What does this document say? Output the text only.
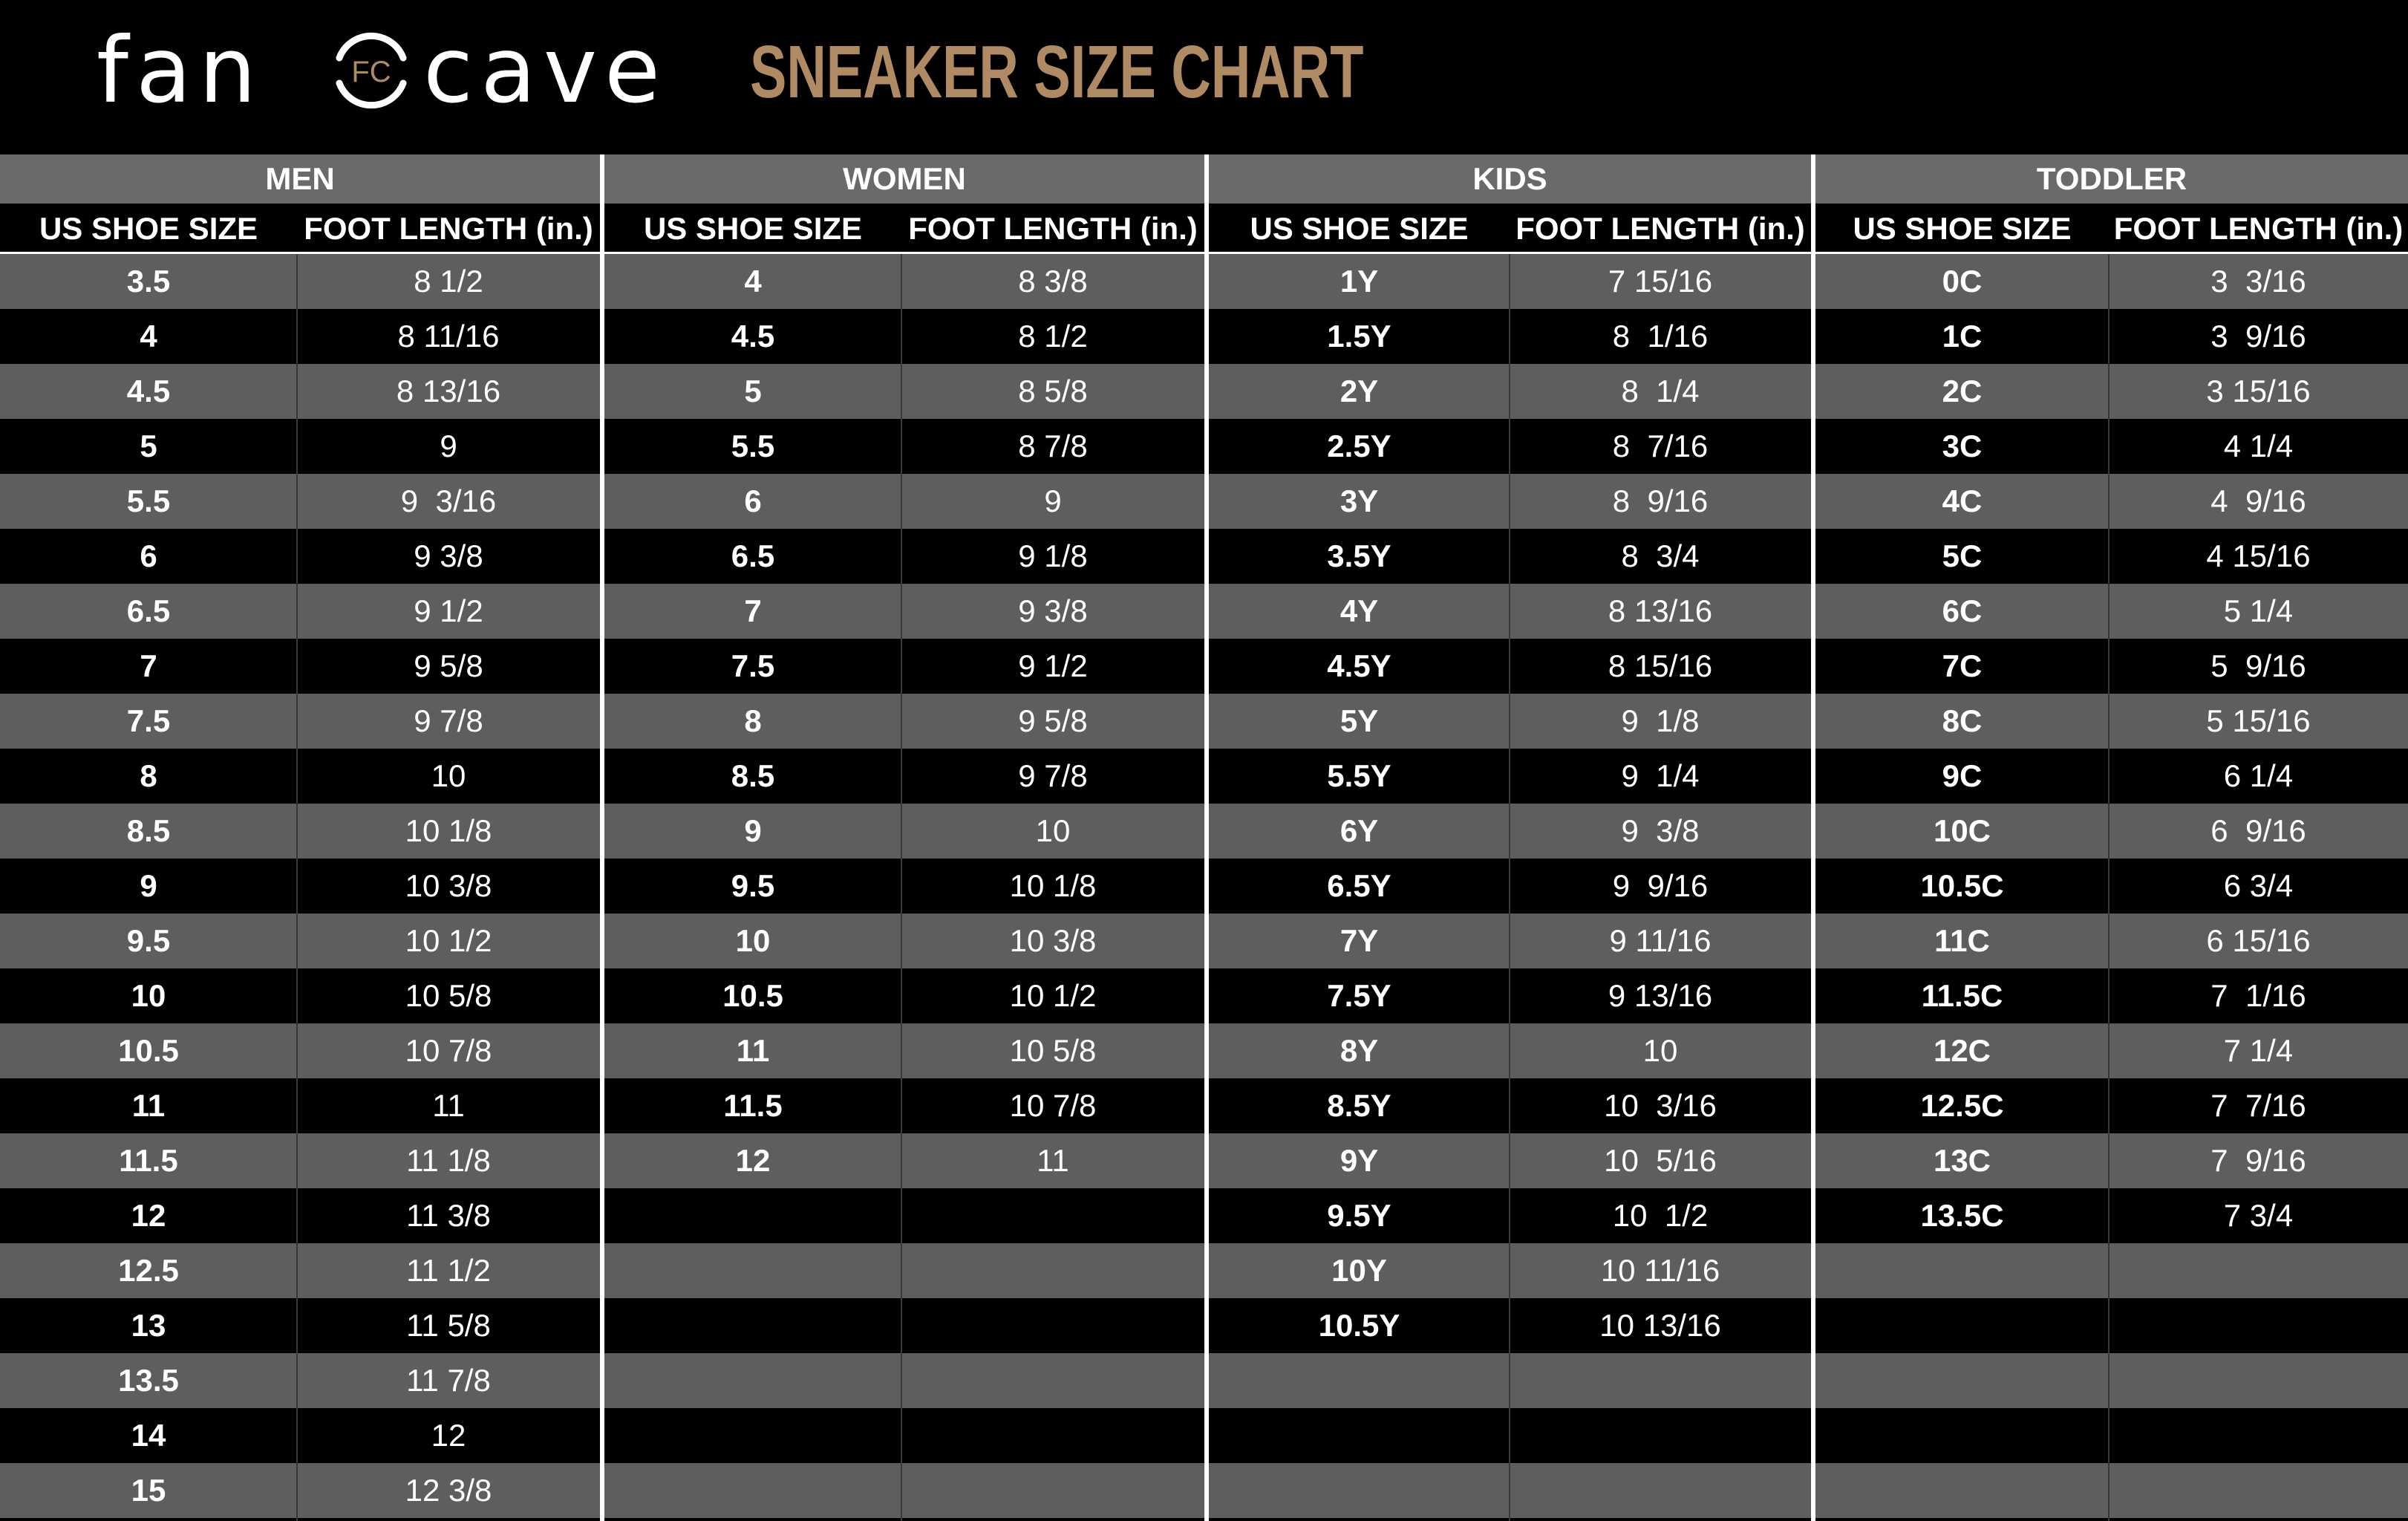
fan	FC cave SNEAKER SIZE CHART
MEN
US SHOE SIZE	FOOT LENGTH (in.)
3.5	8 1/2
4	8 11/16
4.5	8 13/16
5	9
5.5	9  3/16
6	9 3/8
6.5	9 1/2
7	9 5/8
7.5	9 7/8
8	10
8.5	10 1/8
9	10 3/8
9.5	10 1/2
10	10 5/8
10.5	10 7/8
11	11
11.5	11 1/8
12	11 3/8
12.5	11 1/2
13	11 5/8
13.5	11 7/8
14	12
15	12 3/8
WOMEN
US SHOE SIZE	FOOT LENGTH (in.)
4	8 3/8
4.5	8 1/2
5	8 5/8
5.5	8 7/8
6	9
6.5	9 1/8
7	9 3/8
7.5	9 1/2
8	9 5/8
8.5	9 7/8
9	10
9.5	10 1/8
10	10 3/8
10.5	10 1/2
11	10 5/8
11.5	10 7/8
12	11
KIDS
US SHOE SIZE	FOOT LENGTH (in.)
1Y	7 15/16
1.5Y	8  1/16
2Y	8  1/4
2.5Y	8  7/16
3Y	8  9/16
3.5Y	8  3/4
4Y	8 13/16
4.5Y	8 15/16
5Y	9  1/8
5.5Y	9  1/4
6Y	9  3/8
6.5Y	9  9/16
7Y	9 11/16
7.5Y	9 13/16
8Y	10
8.5Y	10  3/16
9Y	10  5/16
9.5Y	10  1/2
10Y	10 11/16
10.5Y	10 13/16
TODDLER
US SHOE SIZE	FOOT LENGTH (in.)
0C	3  3/16
1C	3  9/16
2C	3 15/16
3C	4 1/4
4C	4  9/16
5C	4 15/16
6C	5 1/4
7C	5  9/16
8C	5 15/16
9C	6 1/4
10C	6  9/16
10.5C	6 3/4
11C	6 15/16
11.5C	7  1/16
12C	7 1/4
12.5C	7  7/16
13C	7  9/16
13.5C	7 3/4
